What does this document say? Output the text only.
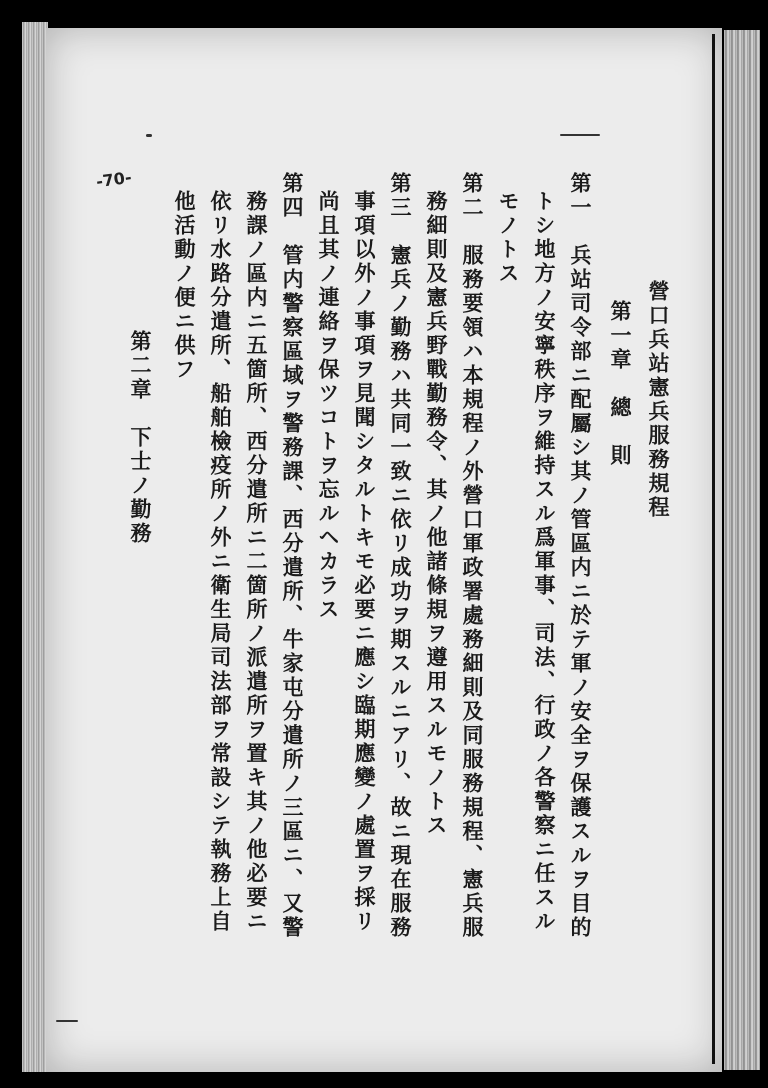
-70-
營口兵站憲兵服務規程
第一章　總　則
第一　兵站司令部ニ配屬シ其ノ管區内ニ於テ軍ノ安全ヲ保護スルヲ目的
トシ地方ノ安寧秩序ヲ維持スル爲軍事、司法、行政ノ各警察ニ任スル
モノトス
第二　服務要領ハ本規程ノ外營口軍政署處務細則及同服務規程、憲兵服
務細則及憲兵野戰勤務令、其ノ他諸條規ヲ遵用スルモノトス
第三　憲兵ノ勤務ハ共同一致ニ依リ成功ヲ期スルニアリ、故ニ現在服務
事項以外ノ事項ヲ見聞シタルトキモ必要ニ應シ臨期應變ノ處置ヲ採リ
尚且其ノ連絡ヲ保ツコトヲ忘ルヘカラス
第四　管内警察區域ヲ警務課、西分遣所、牛家屯分遣所ノ三區ニ、又警
務課ノ區内ニ五箇所、西分遣所ニ二箇所ノ派遣所ヲ置キ其ノ他必要ニ
依リ水路分遣所、船舶檢疫所ノ外ニ衛生局司法部ヲ常設シテ執務上自
他活動ノ便ニ供フ
第二章　下士ノ勤務
